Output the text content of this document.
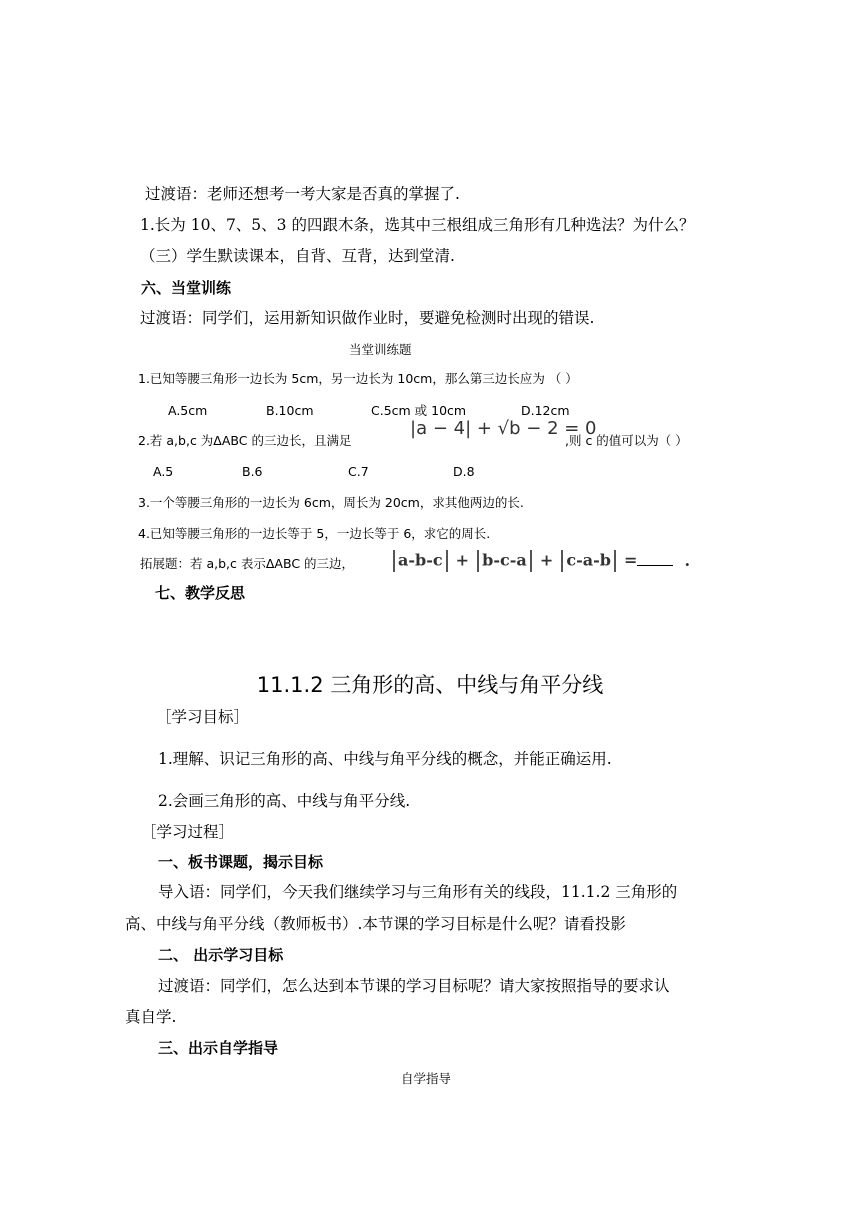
过渡语：老师还想考一考大家是否真的掌握了.
1.长为 10、7、5、3 的四跟木条，选其中三根组成三角形有几种选法？为什么？
（三）学生默读课本，自背、互背，达到堂清.
六、当堂训练
过渡语：同学们，运用新知识做作业时，要避免检测时出现的错误.
当堂训练题
1.已知等腰三角形一边长为 5cm，另一边长为 10cm，那么第三边长应为 （ ）
A.5cm	B.10cm	C.5cm 或 10cm	D.12cm
2.若 a,b,c 为ΔABC 的三边长，且满足
|a − 4| + √b − 2 = 0
,则 c 的值可以为（ ）
A.5	B.6	C.7	D.8
3.一个等腰三角形的一边长为 6cm，周长为 20cm，求其他两边的长.
4.已知等腰三角形的一边长等于 5，一边长等于 6，求它的周长.
拓展题：若 a,b,c 表示ΔABC 的三边，	a-b-c + b-c-a + c-a-b =	.
七、教学反思
11.1.2 三角形的高、中线与角平分线
［学习目标］
1.理解、识记三角形的高、中线与角平分线的概念，并能正确运用.
2.会画三角形的高、中线与角平分线.
［学习过程］
一、板书课题，揭示目标
导入语：同学们，今天我们继续学习与三角形有关的线段，11.1.2 三角形的
高、中线与角平分线（教师板书）.本节课的学习目标是什么呢？请看投影
二、 出示学习目标
过渡语：同学们，怎么达到本节课的学习目标呢？请大家按照指导的要求认
真自学.
三、出示自学指导
自学指导
